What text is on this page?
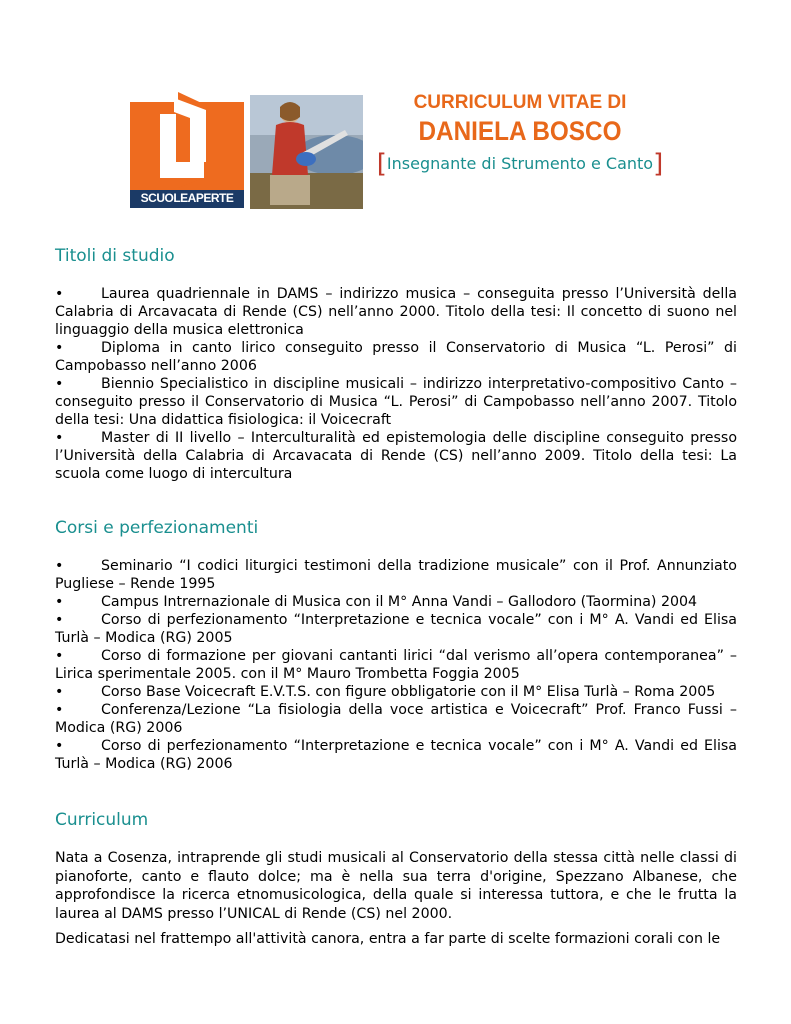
SCUOLEAPERTE
CURRICULUM VITAE DI
DANIELA BOSCO
[Insegnante di Strumento e Canto]
Titoli di studio
•	Laurea quadriennale in DAMS – indirizzo musica – conseguita presso l’Università della Calabria di Arcavacata di Rende (CS) nell’anno 2000. Titolo della tesi: Il concetto di suono nel linguaggio della musica elettronica
•	Diploma in canto lirico conseguito presso il Conservatorio di Musica “L. Perosi” di Campobasso nell’anno 2006
•	Biennio Specialistico in discipline musicali – indirizzo interpretativo-compositivo Canto – conseguito presso il Conservatorio di Musica “L. Perosi” di Campobasso nell’anno 2007. Titolo della tesi: Una didattica fisiologica: il Voicecraft
•	Master di II livello – Interculturalità ed epistemologia delle discipline conseguito presso l’Università della Calabria di Arcavacata di Rende (CS) nell’anno 2009. Titolo della tesi: La scuola come luogo di intercultura
Corsi e perfezionamenti
•	Seminario “I codici liturgici testimoni della tradizione musicale” con il Prof. Annunziato Pugliese – Rende 1995
•	Campus Intrernazionale di Musica con il M° Anna Vandi – Gallodoro (Taormina) 2004
•	Corso di perfezionamento “Interpretazione e tecnica vocale” con i M° A. Vandi ed Elisa Turlà – Modica (RG) 2005
•	Corso di formazione per giovani cantanti lirici “dal verismo all’opera contemporanea” – Lirica sperimentale 2005. con il M° Mauro Trombetta Foggia 2005
•	Corso Base Voicecraft E.V.T.S. con figure obbligatorie con il M° Elisa Turlà – Roma 2005
•	Conferenza/Lezione “La fisiologia della voce artistica e Voicecraft” Prof. Franco Fussi – Modica (RG) 2006
•	Corso di perfezionamento “Interpretazione e tecnica vocale” con i M° A. Vandi ed Elisa Turlà – Modica (RG) 2006
Curriculum
Nata a Cosenza, intraprende gli studi musicali al Conservatorio della stessa città nelle classi di pianoforte, canto e flauto dolce; ma è nella sua terra d'origine, Spezzano Albanese, che approfondisce la ricerca etnomusicologica, della quale si interessa tuttora, e che le frutta la laurea al DAMS presso l’UNICAL di Rende (CS) nel 2000.
Dedicatasi nel frattempo all'attività canora, entra a far parte di scelte formazioni corali con le
